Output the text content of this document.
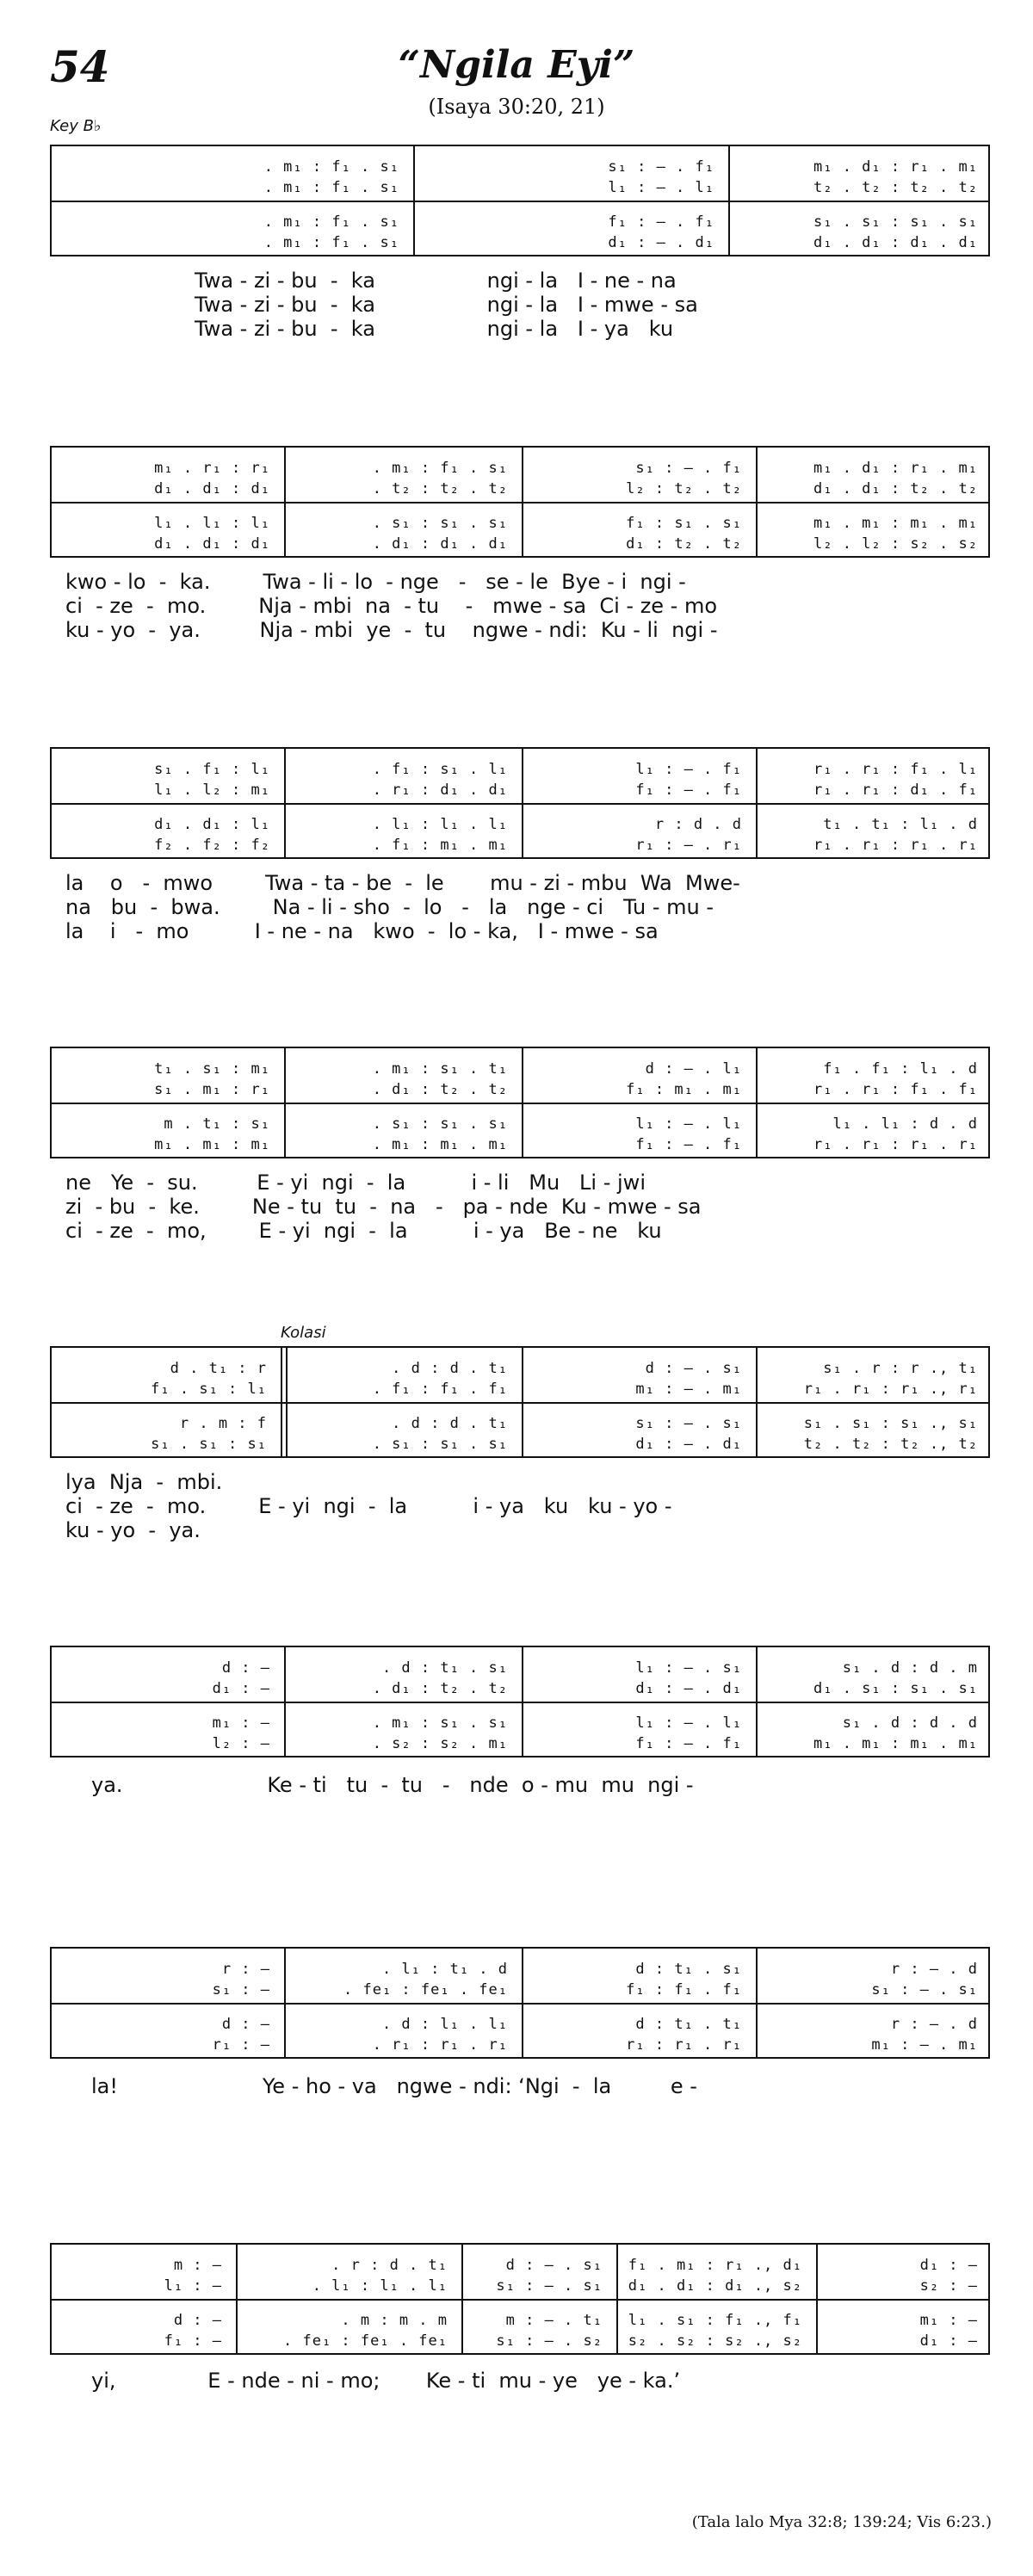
54	“Ngila Eyi”
(Isaya 30:20, 21)
Key B♭
Kolasi
(Tala lalo Mya 32:8; 139:24; Vis 6:23.)
. m₁ : f₁ . s₁
. m₁ : f₁ . s₁
. m₁ : f₁ . s₁
. m₁ : f₁ . s₁
s₁ : – . f₁
l₁ : – . l₁
f₁ : – . f₁
d₁ : – . d₁
m₁ . d₁ : r₁ . m₁
t₂ . t₂ : t₂ . t₂
s₁ . s₁ : s₁ . s₁
d₁ . d₁ : d₁ . d₁
Twa - zi - bu  -  ka                 ngi - la   I - ne - na
Twa - zi - bu  -  ka                 ngi - la   I - mwe - sa
Twa - zi - bu  -  ka                 ngi - la   I - ya   ku
m₁ . r₁ : r₁
d₁ . d₁ : d₁
l₁ . l₁ : l₁
d₁ . d₁ : d₁
. m₁ : f₁ . s₁
. t₂ : t₂ . t₂
. s₁ : s₁ . s₁
. d₁ : d₁ . d₁
s₁ : – . f₁
l₂ : t₂ . t₂
f₁ : s₁ . s₁
d₁ : t₂ . t₂
m₁ . d₁ : r₁ . m₁
d₁ . d₁ : t₂ . t₂
m₁ . m₁ : m₁ . m₁
l₂ . l₂ : s₂ . s₂
kwo - lo  -  ka.        Twa - li - lo  - nge   -   se - le  Bye - i  ngi -
ci  - ze  -  mo.        Nja - mbi  na  - tu    -   mwe - sa  Ci - ze - mo
ku - yo  -  ya.         Nja - mbi  ye  -  tu    ngwe - ndi:  Ku - li  ngi -
s₁ . f₁ : l₁
l₁ . l₂ : m₁
d₁ . d₁ : l₁
f₂ . f₂ : f₂
. f₁ : s₁ . l₁
. r₁ : d₁ . d₁
. l₁ : l₁ . l₁
. f₁ : m₁ . m₁
l₁ : – . f₁
f₁ : – . f₁
r : d . d
r₁ : – . r₁
r₁ . r₁ : f₁ . l₁
r₁ . r₁ : d₁ . f₁
t₁ . t₁ : l₁ . d
r₁ . r₁ : r₁ . r₁
la    o   -  mwo        Twa - ta - be  -  le       mu - zi - mbu  Wa  Mwe-
na   bu  -  bwa.        Na - li - sho  -  lo   -   la   nge - ci   Tu - mu -
la    i   -  mo          I - ne - na   kwo  -  lo - ka,   I - mwe - sa
t₁ . s₁ : m₁
s₁ . m₁ : r₁
m . t₁ : s₁
m₁ . m₁ : m₁
. m₁ : s₁ . t₁
. d₁ : t₂ . t₂
. s₁ : s₁ . s₁
. m₁ : m₁ . m₁
d : – . l₁
f₁ : m₁ . m₁
l₁ : – . l₁
f₁ : – . f₁
f₁ . f₁ : l₁ . d
r₁ . r₁ : f₁ . f₁
l₁ . l₁ : d . d
r₁ . r₁ : r₁ . r₁
ne   Ye  -  su.         E - yi  ngi  -  la          i - li   Mu   Li - jwi
zi  - bu  -  ke.        Ne - tu  tu  -  na   -   pa - nde  Ku - mwe - sa
ci  - ze  -  mo,        E - yi  ngi  -  la          i - ya   Be - ne   ku
d . t₁ : r
f₁ . s₁ : l₁
r . m : f
s₁ . s₁ : s₁
. d : d . t₁
. f₁ : f₁ . f₁
. d : d . t₁
. s₁ : s₁ . s₁
d : – . s₁
m₁ : – . m₁
s₁ : – . s₁
d₁ : – . d₁
s₁ . r : r ., t₁
r₁ . r₁ : r₁ ., r₁
s₁ . s₁ : s₁ ., s₁
t₂ . t₂ : t₂ ., t₂
lya  Nja  -  mbi.
ci  - ze  -  mo.        E - yi  ngi  -  la          i - ya   ku   ku - yo -
ku - yo  -  ya.
d : —
d₁ : —
m₁ : —
l₂ : —
. d : t₁ . s₁
. d₁ : t₂ . t₂
. m₁ : s₁ . s₁
. s₂ : s₂ . m₁
l₁ : – . s₁
d₁ : – . d₁
l₁ : – . l₁
f₁ : – . f₁
s₁ . d : d . m
d₁ . s₁ : s₁ . s₁
s₁ . d : d . d
m₁ . m₁ : m₁ . m₁
ya.                      Ke - ti   tu  -  tu   -   nde  o - mu  mu  ngi -
r : —
s₁ : —
d : —
r₁ : —
. l₁ : t₁ . d
. fe₁ : fe₁ . fe₁
. d : l₁ . l₁
. r₁ : r₁ . r₁
d : t₁ . s₁
f₁ : f₁ . f₁
d : t₁ . t₁
r₁ : r₁ . r₁
r : – . d
s₁ : – . s₁
r : – . d
m₁ : – . m₁
la!                      Ye - ho - va   ngwe - ndi: ‘Ngi  -  la         e -
m : —
l₁ : —
d : —
f₁ : —
. r : d . t₁
. l₁ : l₁ . l₁
. m : m . m
. fe₁ : fe₁ . fe₁
d : – . s₁
s₁ : – . s₁
m : – . t₁
s₁ : – . s₂
f₁ . m₁ : r₁ ., d₁
d₁ . d₁ : d₁ ., s₂
l₁ . s₁ : f₁ ., f₁
s₂ . s₂ : s₂ ., s₂
d₁ : —
s₂ : —
m₁ : —
d₁ : —
yi,              E - nde - ni - mo;       Ke - ti  mu - ye   ye - ka.’
